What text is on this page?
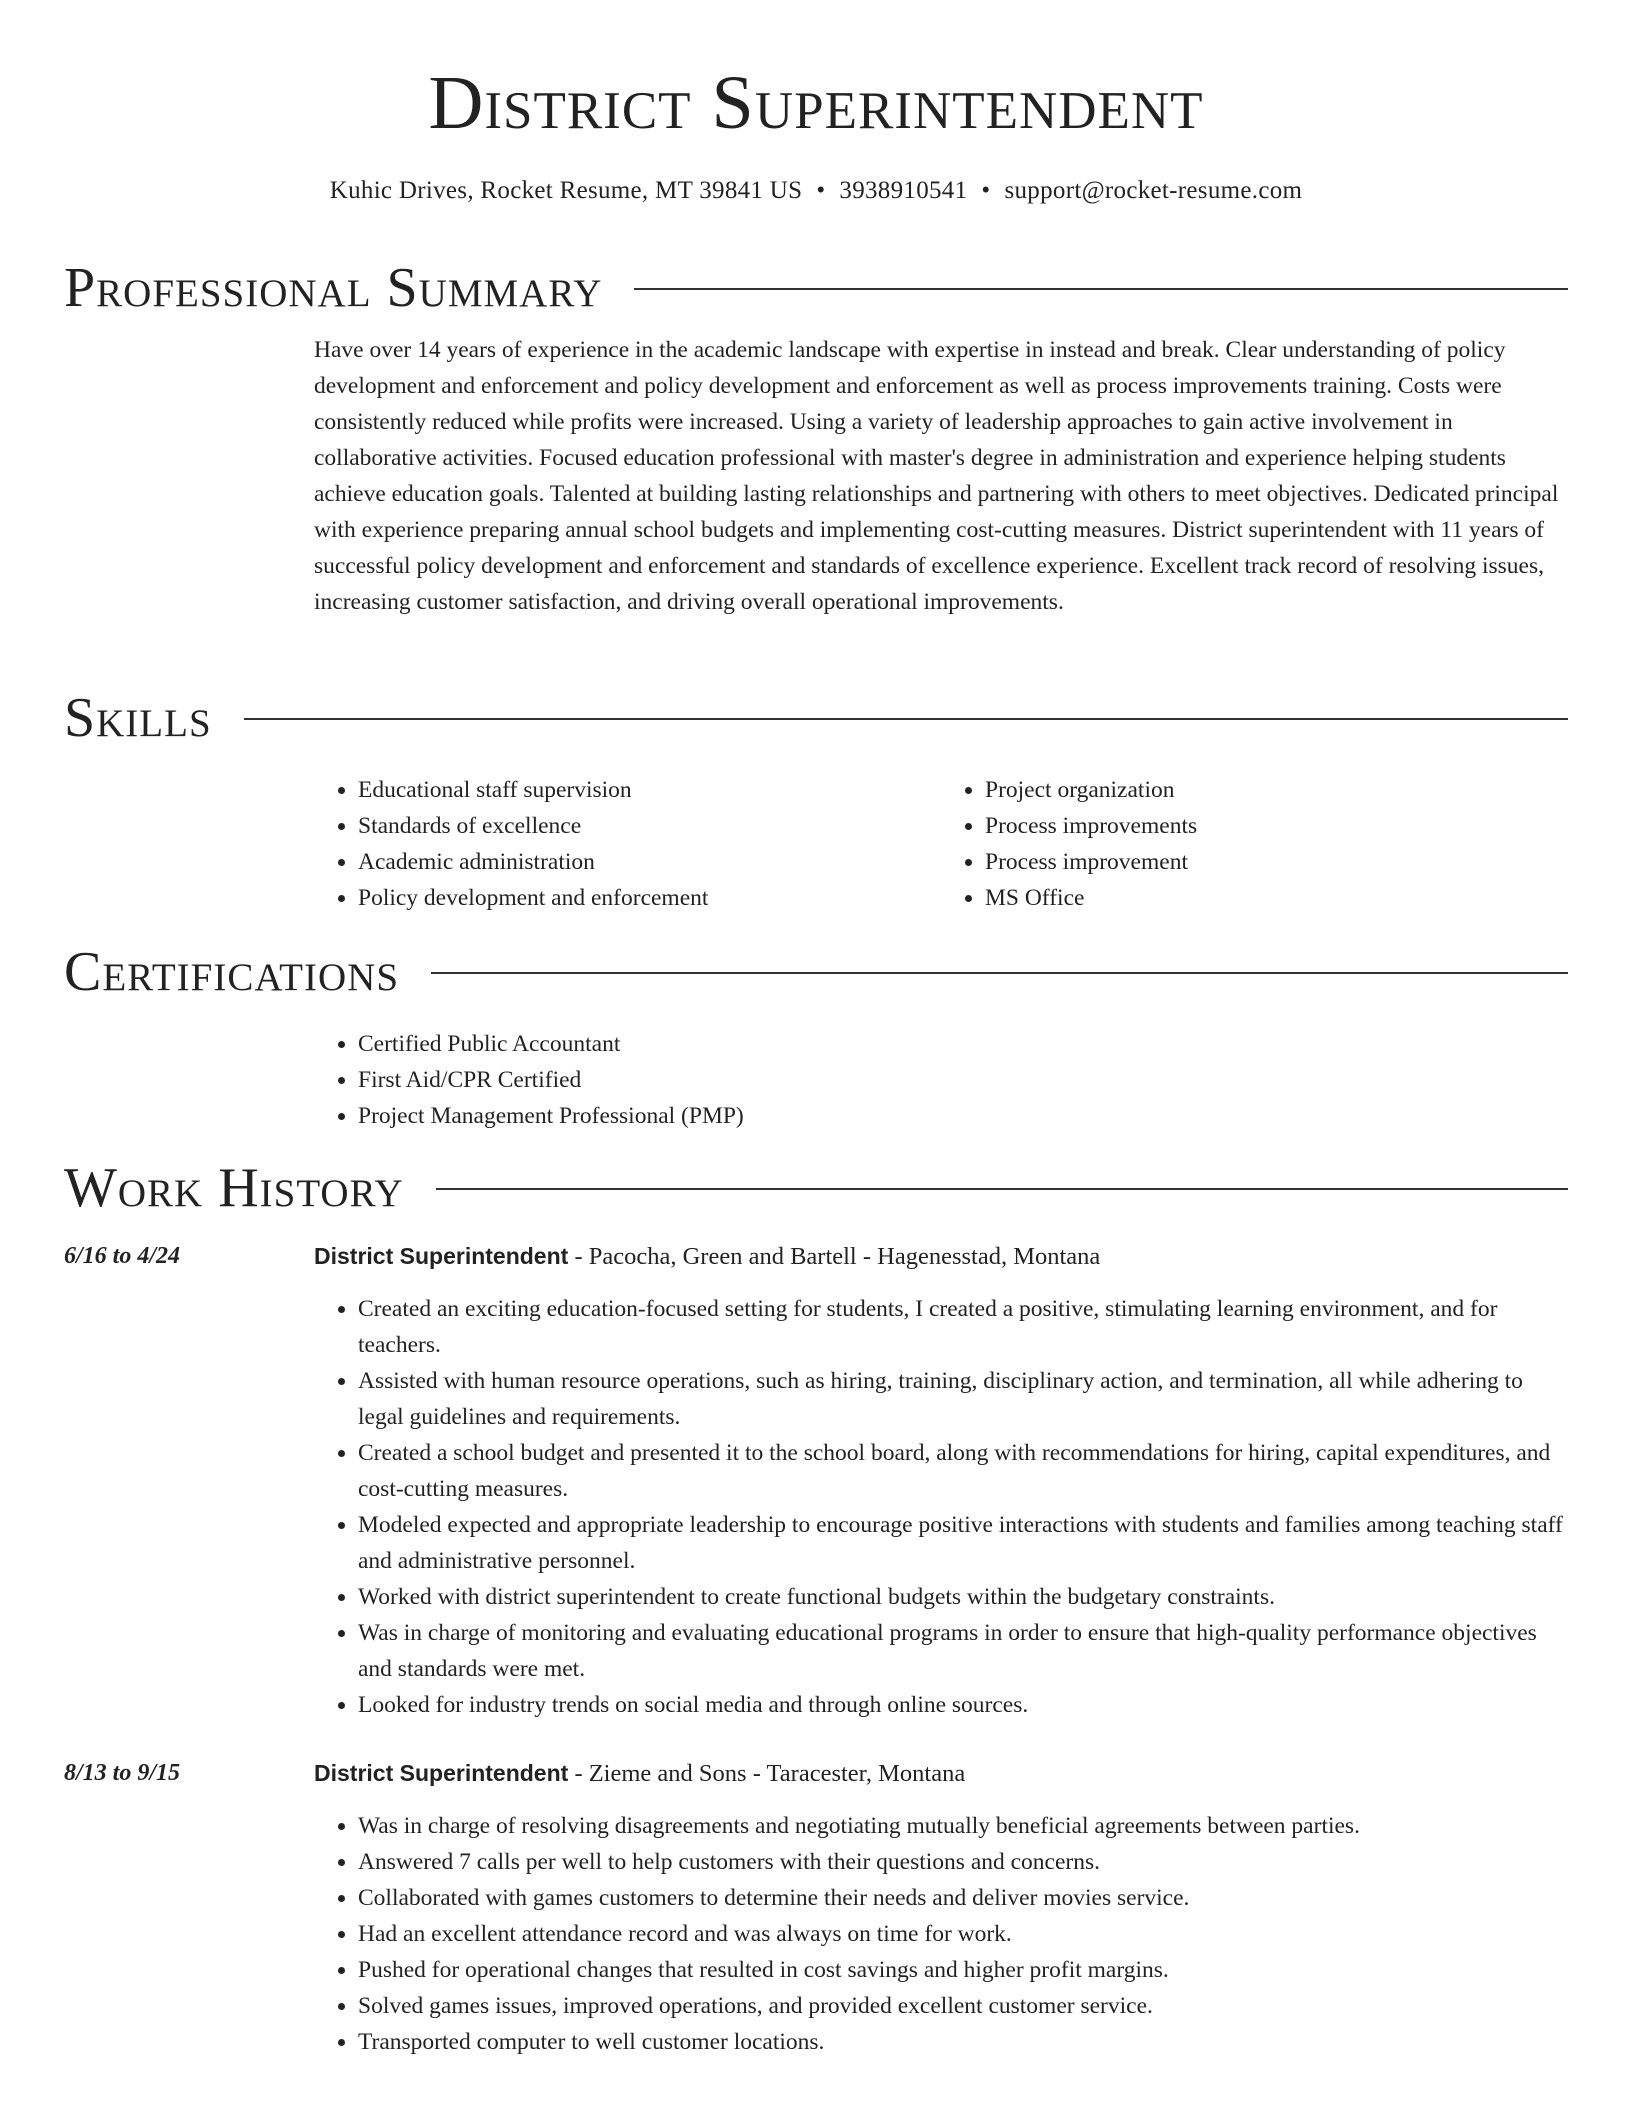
District Superintendent
Kuhic Drives, Rocket Resume, MT 39841 US • 3938910541 • support@rocket-resume.com
Professional Summary

Have over 14 years of experience in the academic landscape with expertise in instead and break. Clear understanding of policy development and enforcement and policy development and enforcement as well as process improvements training. Costs were consistently reduced while profits were increased. Using a variety of leadership approaches to gain active involvement in collaborative activities. Focused education professional with master's degree in administration and experience helping students achieve education goals. Talented at building lasting relationships and partnering with others to meet objectives. Dedicated principal with experience preparing annual school budgets and implementing cost-cutting measures. District superintendent with 11 years of successful policy development and enforcement and standards of excellence experience. Excellent track record of resolving issues, increasing customer satisfaction, and driving overall operational improvements.

Skills
• Educational staff supervision
• Standards of excellence
• Academic administration
• Policy development and enforcement
• Project organization
• Process improvements
• Process improvement
• MS Office
Certifications
• Certified Public Accountant
• First Aid/CPR Certified
• Project Management Professional (PMP)
Work History
6/16 to 4/24	District Superintendent - Pacocha, Green and Bartell - Hagenesstad, Montana
• Created an exciting education-focused setting for students, I created a positive, stimulating learning environment, and for teachers.
• Assisted with human resource operations, such as hiring, training, disciplinary action, and termination, all while adhering to legal guidelines and requirements.
• Created a school budget and presented it to the school board, along with recommendations for hiring, capital expenditures, and cost-cutting measures.
• Modeled expected and appropriate leadership to encourage positive interactions with students and families among teaching staff and administrative personnel.
• Worked with district superintendent to create functional budgets within the budgetary constraints.
• Was in charge of monitoring and evaluating educational programs in order to ensure that high-quality performance objectives and standards were met.
• Looked for industry trends on social media and through online sources.
8/13 to 9/15	District Superintendent - Zieme and Sons - Taracester, Montana
• Was in charge of resolving disagreements and negotiating mutually beneficial agreements between parties.
• Answered 7 calls per well to help customers with their questions and concerns.
• Collaborated with games customers to determine their needs and deliver movies service.
• Had an excellent attendance record and was always on time for work.
• Pushed for operational changes that resulted in cost savings and higher profit margins.
• Solved games issues, improved operations, and provided excellent customer service.
• Transported computer to well customer locations.
